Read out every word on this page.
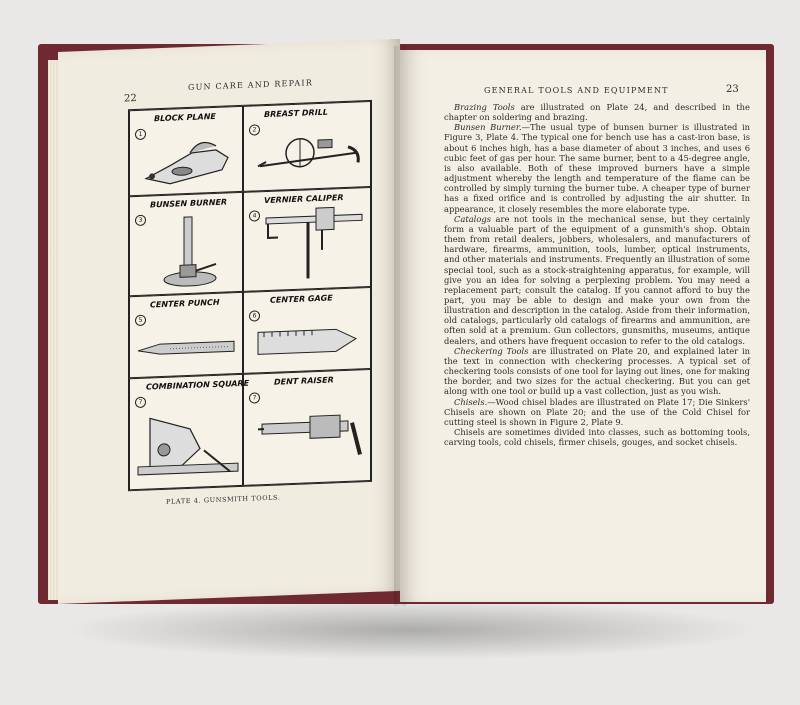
22
GUN CARE AND REPAIR
1
BLOCK PLANE
2
BREAST DRILL
3
BUNSEN BURNER
4
VERNIER CALIPER
5
CENTER PUNCH
6
CENTER GAGE
7
COMBINATION SQUARE
7
DENT RAISER
PLATE 4. GUNSMITH TOOLS.
GENERAL TOOLS AND EQUIPMENT	23

Brazing Tools are illustrated on Plate 24, and described in the chapter on soldering and brazing.

Bunsen Burner.—The usual type of bunsen burner is illustrated in Figure 3, Plate 4. The typical one for bench use has a cast-iron base, is about 6 inches high, has a base diameter of about 3 inches, and uses 6 cubic feet of gas per hour. The same burner, bent to a 45-degree angle, is also available. Both of these improved burners have a simple adjustment whereby the length and temperature of the flame can be controlled by simply turning the burner tube. A cheaper type of burner has a fixed orifice and is controlled by adjusting the air shutter. In appearance, it closely resembles the more elaborate type.

Catalogs are not tools in the mechanical sense, but they certainly form a valuable part of the equipment of a gunsmith's shop. Obtain them from retail dealers, jobbers, wholesalers, and manufacturers of hardware, firearms, ammunition, tools, lumber, optical instruments, and other materials and instruments. Frequently an illustration of some special tool, such as a stock-straightening apparatus, for example, will give you an idea for solving a perplexing problem. You may need a replacement part; consult the catalog. If you cannot afford to buy the part, you may be able to design and make your own from the illustration and description in the catalog. Aside from their information, old catalogs, particularly old catalogs of firearms and ammunition, are often sold at a premium. Gun collectors, gunsmiths, museums, antique dealers, and others have frequent occasion to refer to the old catalogs.

Checkering Tools are illustrated on Plate 20, and explained later in the text in connection with checkering processes. A typical set of checkering tools consists of one tool for laying out lines, one for making the border, and two sizes for the actual checkering. But you can get along with one tool or build up a vast collection, just as you wish.

Chisels.—Wood chisel blades are illustrated on Plate 17; Die Sinkers' Chisels are shown on Plate 20; and the use of the Cold Chisel for cutting steel is shown in Figure 2, Plate 9.

Chisels are sometimes divided into classes, such as bottoming tools, carving tools, cold chisels, firmer chisels, gouges, and socket chisels.
